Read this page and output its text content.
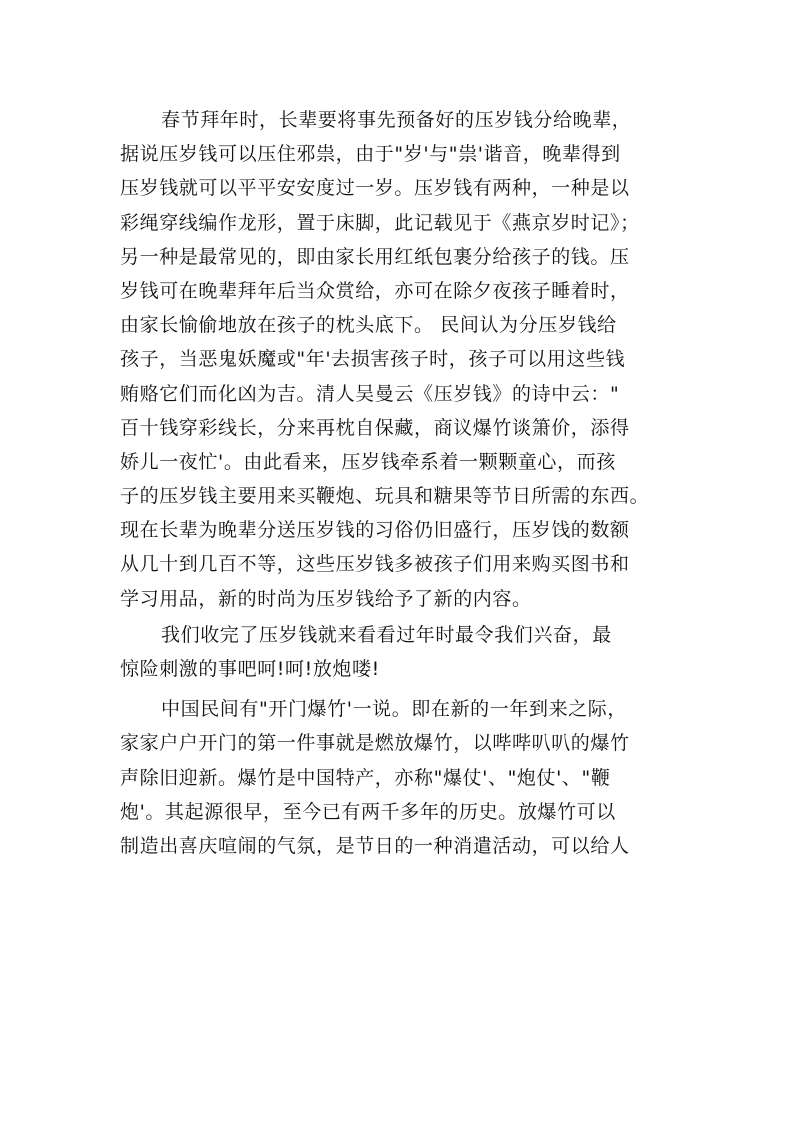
春节拜年时，长辈要将事先预备好的压岁钱分给晚辈，
据说压岁钱可以压住邪祟，由于"岁'与"祟'谐音，晚辈得到
压岁钱就可以平平安安度过一岁。压岁钱有两种，一种是以
彩绳穿线编作龙形，置于床脚，此记载见于《燕京岁时记》；
另一种是最常见的，即由家长用红纸包裹分给孩子的钱。压
岁钱可在晚辈拜年后当众赏给，亦可在除夕夜孩子睡着时，
由家长愉偷地放在孩子的枕头底下。 民间认为分压岁钱给
孩子，当恶鬼妖魔或"年'去损害孩子时，孩子可以用这些钱
贿赂它们而化凶为吉。清人吴曼云《压岁钱》的诗中云："
百十钱穿彩线长，分来再枕自保藏，商议爆竹谈箫价，添得
娇儿一夜忙'。由此看来，压岁钱牵系着一颗颗童心，而孩
子的压岁钱主要用来买鞭炮、玩具和糖果等节日所需的东西。
现在长辈为晚辈分送压岁钱的习俗仍旧盛行，压岁饯的数额
从几十到几百不等，这些压岁钱多被孩子们用来购买图书和
学习用品，新的时尚为压岁钱给予了新的内容。
我们收完了压岁钱就来看看过年时最令我们兴奋，最
惊险刺激的事吧呵!呵!放炮喽!
中国民间有"开门爆竹'一说。即在新的一年到来之际，
家家户户开门的第一件事就是燃放爆竹，以哔哔叭叭的爆竹
声除旧迎新。爆竹是中国特产，亦称"爆仗'、"炮仗'、"鞭
炮'。其起源很早，至今已有两千多年的历史。放爆竹可以
制造出喜庆喧闹的气氛，是节日的一种消遣活动，可以给人
